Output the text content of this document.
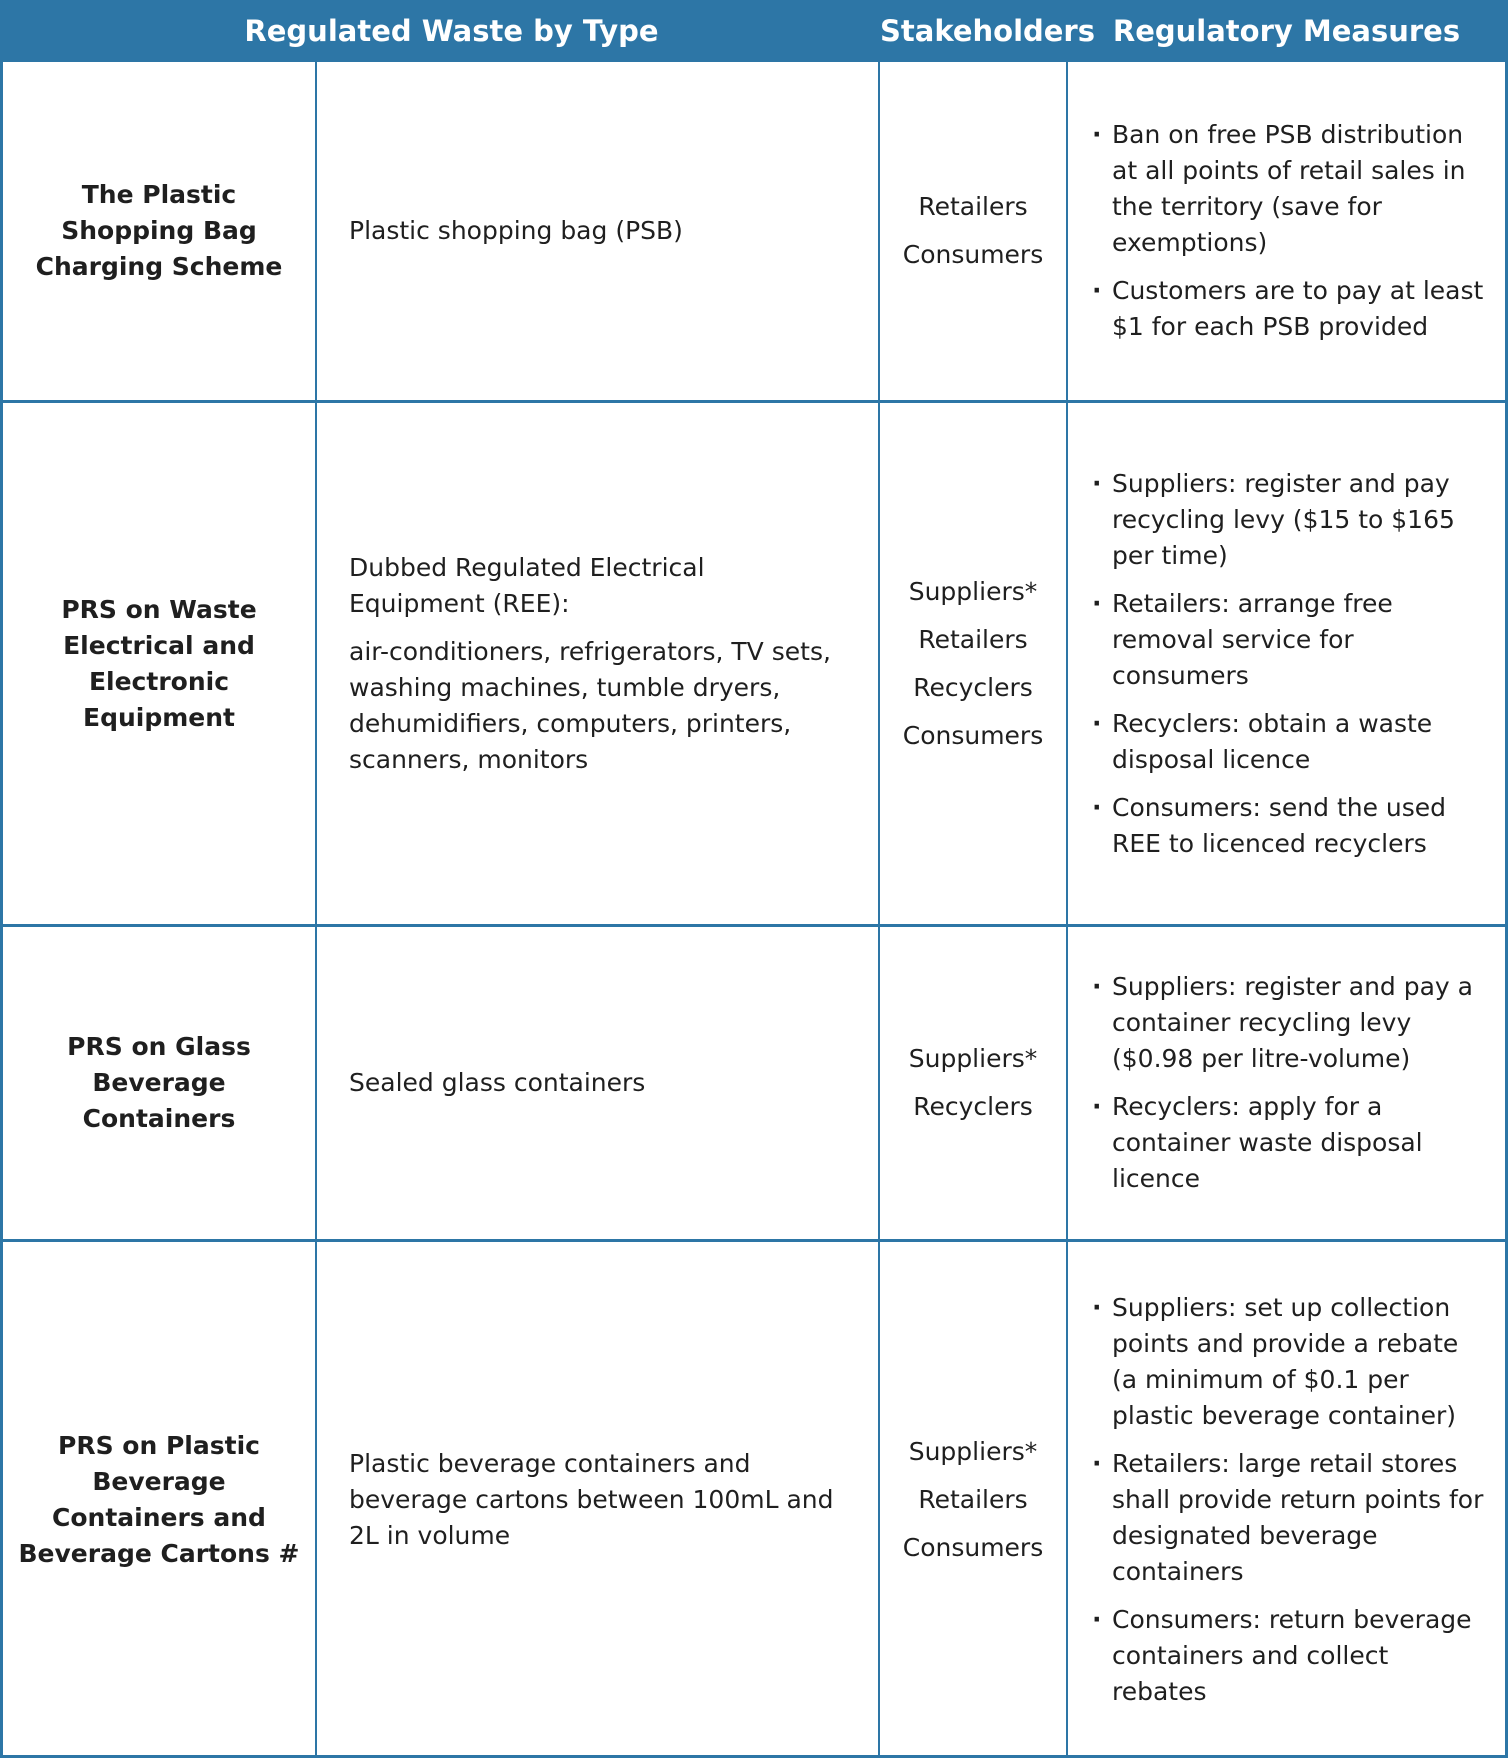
Regulated Waste by Type	Stakeholders Regulatory Measures
The Plastic Shopping Bag Charging Scheme

Plastic shopping bag (PSB)

Retailers
Consumers
· Ban on free PSB distribution at all points of retail sales in the territory (save for exemptions)
· Customers are to pay at least $1 for each PSB provided
PRS on Waste Electrical and Electronic Equipment

Dubbed Regulated Electrical Equipment (REE):

air-conditioners, refrigerators, TV sets, washing machines, tumble dryers, dehumidifiers, computers, printers, scanners, monitors

Suppliers*
Retailers
Recyclers
Consumers
· Suppliers: register and pay recycling levy ($15 to $165 per time)
· Retailers: arrange free removal service for consumers
· Recyclers: obtain a waste disposal licence
· Consumers: send the used REE to licenced recyclers
PRS on Glass Beverage Containers

Sealed glass containers

Suppliers*
Recyclers
· Suppliers: register and pay a container recycling levy ($0.98 per litre-volume)
· Recyclers: apply for a container waste disposal licence
PRS on Plastic Beverage Containers and Beverage Cartons #

Plastic beverage containers and beverage cartons between 100mL and 2L in volume

Suppliers*
Retailers
Consumers
· Suppliers: set up collection points and provide a rebate (a minimum of $0.1 per plastic beverage container)
· Retailers: large retail stores shall provide return points for designated beverage containers
· Consumers: return beverage containers and collect rebates
